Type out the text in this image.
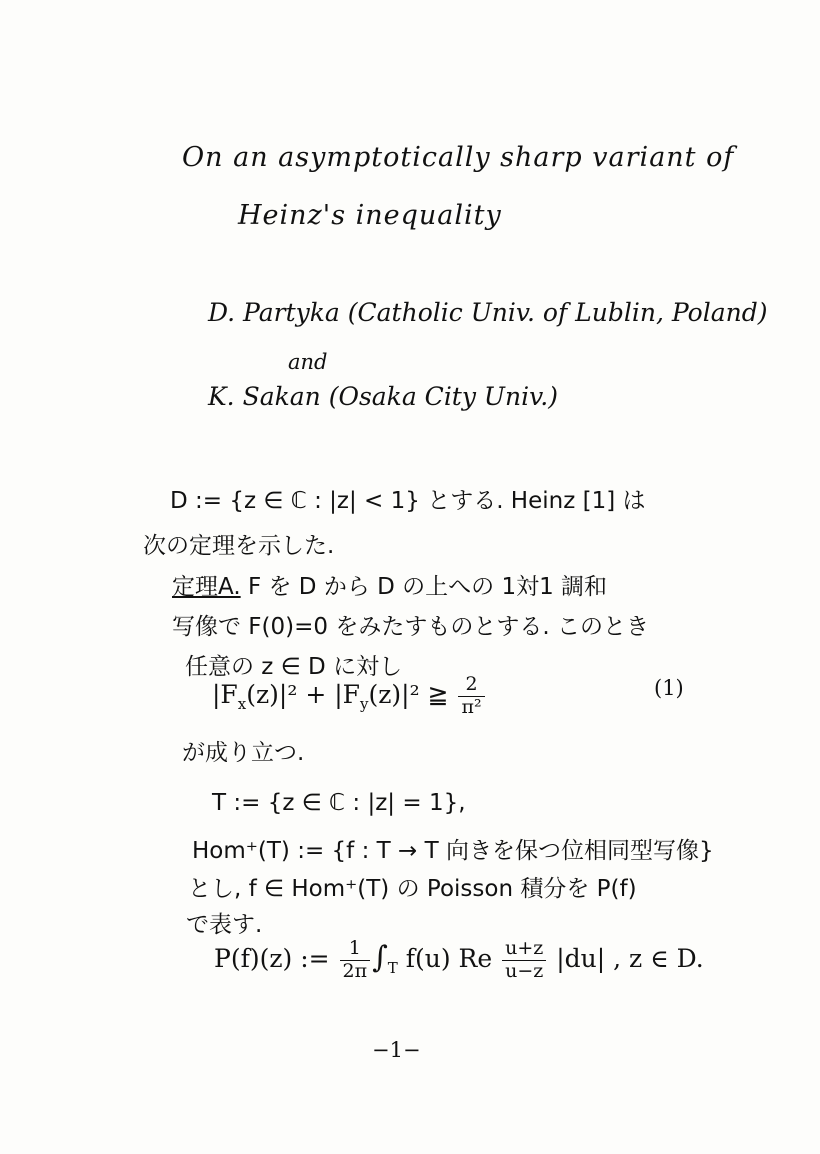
On an asymptotically sharp variant of
Heinz's inequality
D. Partyka (Catholic Univ. of Lublin, Poland)
and
K. Sakan (Osaka City Univ.)
D := {z ∈ ℂ : |z| < 1} とする. Heinz [1] は
次の定理を示した.
定理A. F を D から D の上への 1対1 調和
写像で F(0)=0 をみたすものとする. このとき
任意の z ∈ D に対し
$|F_x(z)|^2 + |F_y(z)|^2$ ≧ $\frac{2}{\text{π²}}$	(1)
が成り立つ.
T := {z ∈ ℂ : |z| = 1},
Hom⁺(T) := {f : T → T 向きを保つ位相同型写像}
とし, f ∈ Hom⁺(T) の Poisson 積分を P(f)
で表す.
P(f)(z) := $\frac{1}{2\pi} \int_T$ f(u) Re $\frac{u+z}{u-z} |du|$ , z ∈ D.
−1−
